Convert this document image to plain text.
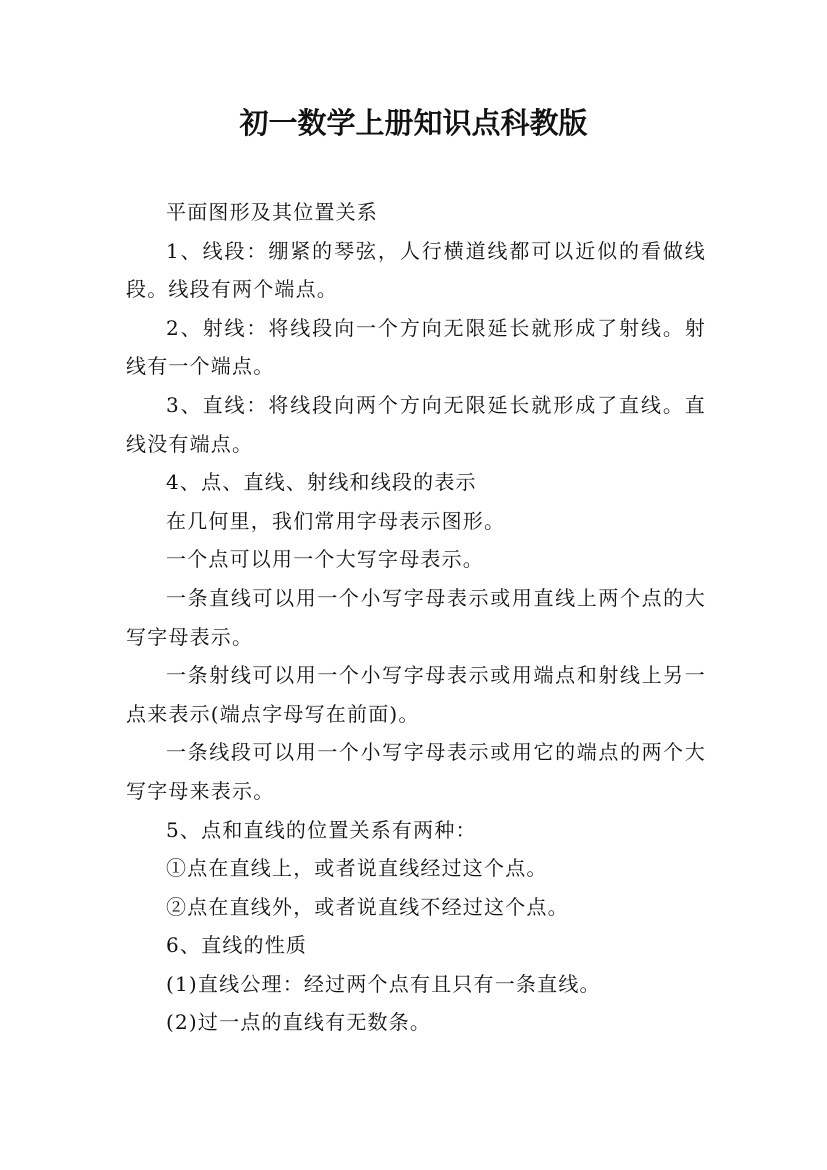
初一数学上册知识点科教版

平面图形及其位置关系

1、线段：绷紧的琴弦，人行横道线都可以近似的看做线段。线段有两个端点。

2、射线：将线段向一个方向无限延长就形成了射线。射线有一个端点。

3、直线：将线段向两个方向无限延长就形成了直线。直线没有端点。

4、点、直线、射线和线段的表示

在几何里，我们常用字母表示图形。

一个点可以用一个大写字母表示。

一条直线可以用一个小写字母表示或用直线上两个点的大写字母表示。

一条射线可以用一个小写字母表示或用端点和射线上另一点来表示(端点字母写在前面)。

一条线段可以用一个小写字母表示或用它的端点的两个大写字母来表示。

5、点和直线的位置关系有两种：

①点在直线上，或者说直线经过这个点。

②点在直线外，或者说直线不经过这个点。

6、直线的性质

(1)直线公理：经过两个点有且只有一条直线。

(2)过一点的直线有无数条。
